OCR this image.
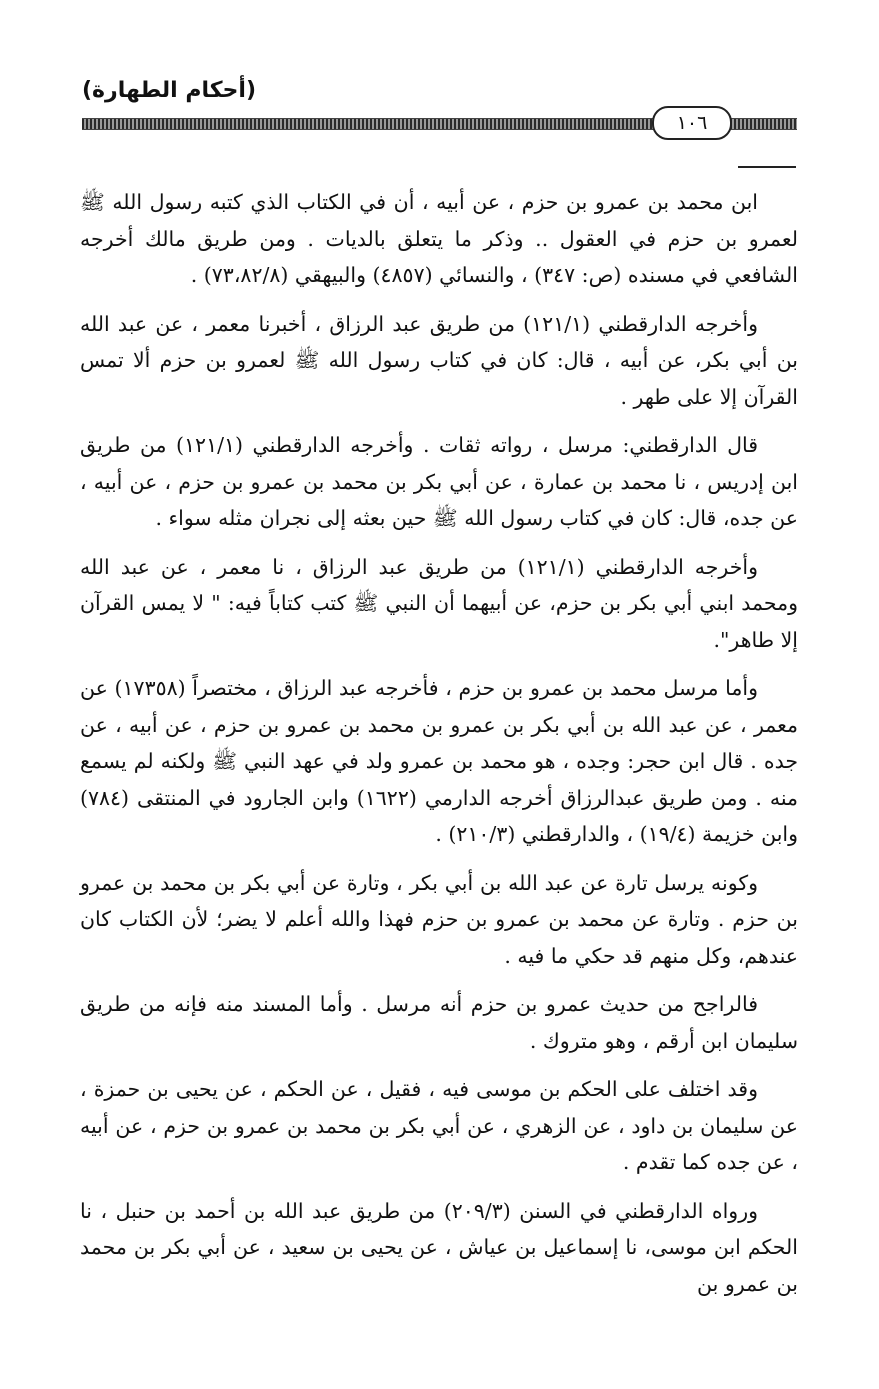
(أحكام الطهارة)
١٠٦

ابن محمد بن عمرو بن حزم ، عن أبيه ، أن في الكتاب الذي كتبه رسول الله ﷺ لعمرو بن حزم في العقول .. وذكر ما يتعلق بالديات . ومن طريق مالك أخرجه الشافعي في مسنده (ص: ٣٤٧) ، والنسائي (٤٨٥٧) والبيهقي (٧٣،٨٢/٨) .

وأخرجه الدارقطني (١٢١/١) من طريق عبد الرزاق ، أخبرنا معمر ، عن عبد الله بن أبي بكر، عن أبيه ، قال: كان في كتاب رسول الله ﷺ لعمرو بن حزم ألا تمس القرآن إلا على طهر .

قال الدارقطني: مرسل ، رواته ثقات . وأخرجه الدارقطني (١٢١/١) من طريق ابن إدريس ، نا محمد بن عمارة ، عن أبي بكر بن محمد بن عمرو بن حزم ، عن أبيه ، عن جده، قال: كان في كتاب رسول الله ﷺ حين بعثه إلى نجران مثله سواء .

وأخرجه الدارقطني (١٢١/١) من طريق عبد الرزاق ، نا معمر ، عن عبد الله ومحمد ابني أبي بكر بن حزم، عن أبيهما أن النبي ﷺ كتب كتاباً فيه: " لا يمس القرآن إلا طاهر".

وأما مرسل محمد بن عمرو بن حزم ، فأخرجه عبد الرزاق ، مختصراً (١٧٣٥٨) عن معمر ، عن عبد الله بن أبي بكر بن عمرو بن محمد بن عمرو بن حزم ، عن أبيه ، عن جده . قال ابن حجر: وجده ، هو محمد بن عمرو ولد في عهد النبي ﷺ ولكنه لم يسمع منه . ومن طريق عبدالرزاق أخرجه الدارمي (١٦٢٢) وابن الجارود في المنتقى (٧٨٤) وابن خزيمة (١٩/٤) ، والدارقطني (٢١٠/٣) .

وكونه يرسل تارة عن عبد الله بن أبي بكر ، وتارة عن أبي بكر بن محمد بن عمرو بن حزم . وتارة عن محمد بن عمرو بن حزم فهذا والله أعلم لا يضر؛ لأن الكتاب كان عندهم، وكل منهم قد حكي ما فيه .

فالراجح من حديث عمرو بن حزم أنه مرسل . وأما المسند منه فإنه من طريق سليمان ابن أرقم ، وهو متروك .

وقد اختلف على الحكم بن موسى فيه ، فقيل ، عن الحكم ، عن يحيى بن حمزة ، عن سليمان بن داود ، عن الزهري ، عن أبي بكر بن محمد بن عمرو بن حزم ، عن أبيه ، عن جده كما تقدم .

ورواه الدارقطني في السنن (٢٠٩/٣) من طريق عبد الله بن أحمد بن حنبل ، نا الحكم ابن موسى، نا إسماعيل بن عياش ، عن يحيى بن سعيد ، عن أبي بكر بن محمد بن عمرو بن
